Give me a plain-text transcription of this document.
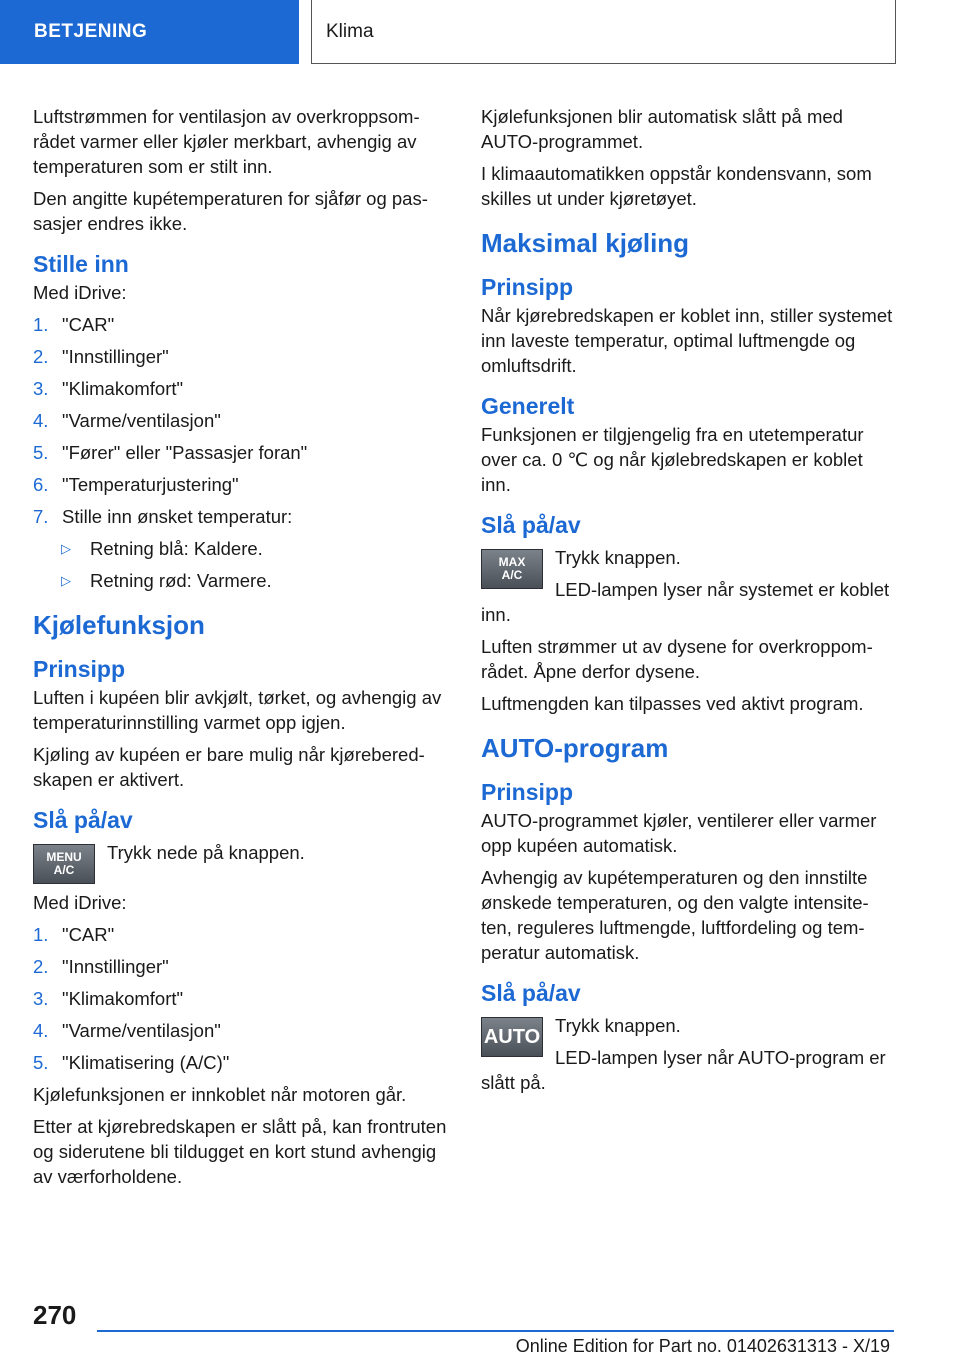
BETJENING	Klima

Luftstrømmen for ventilasjon av overkroppsområdet varmer eller kjøler merkbart, avhengig av temperaturen som er stilt inn.

Den angitte kupétemperaturen for sjåfør og passasjer endres ikke.

Stille inn

Med iDrive:

1. "CAR"
2. "Innstillinger"
3. "Klimakomfort"
4. "Varme/ventilasjon"
5. "Fører" eller "Passasjer foran"
6. "Temperaturjustering"
7. Stille inn ønsket temperatur:
▷	Retning blå: Kaldere.
▷	Retning rød: Varmere.
Kjølefunksjon
Prinsipp

Luften i kupéen blir avkjølt, tørket, og avhengig av temperaturinnstilling varmet opp igjen.

Kjøling av kupéen er bare mulig når kjøreberedskapen er aktivert.

Slå på/av
MENU
A/C

Trykk nede på knappen.

Med iDrive:

1. "CAR"
2. "Innstillinger"
3. "Klimakomfort"
4. "Varme/ventilasjon"
5. "Klimatisering (A/C)"

Kjølefunksjonen er innkoblet når motoren går.

Etter at kjørebredskapen er slått på, kan frontruten og siderutene bli tildugget en kort stund avhengig av værforholdene.

Kjølefunksjonen blir automatisk slått på med AUTO-programmet.

I klimaautomatikken oppstår kondensvann, som skilles ut under kjøretøyet.

Maksimal kjøling
Prinsipp

Når kjørebredskapen er koblet inn, stiller systemet inn laveste temperatur, optimal luftmengde og omluftsdrift.

Generelt

Funksjonen er tilgjengelig fra en utetemperatur over ca. 0 ℃ og når kjølebredskapen er koblet inn.

Slå på/av
MAX
A/C

Trykk knappen.

LED-lampen lyser når systemet er koblet inn.

Luften strømmer ut av dysene for overkroppområdet. Åpne derfor dysene.

Luftmengden kan tilpasses ved aktivt program.

AUTO-program
Prinsipp

AUTO-programmet kjøler, ventilerer eller varmer opp kupéen automatisk.

Avhengig av kupétemperaturen og den innstilte ønskede temperaturen, og den valgte intensiteten, reguleres luftmengde, luftfordeling og temperatur automatisk.

Slå på/av
AUTO

Trykk knappen.

LED-lampen lyser når AUTO-program er slått på.

270
Online Edition for Part no. 01402631313 - X/19
